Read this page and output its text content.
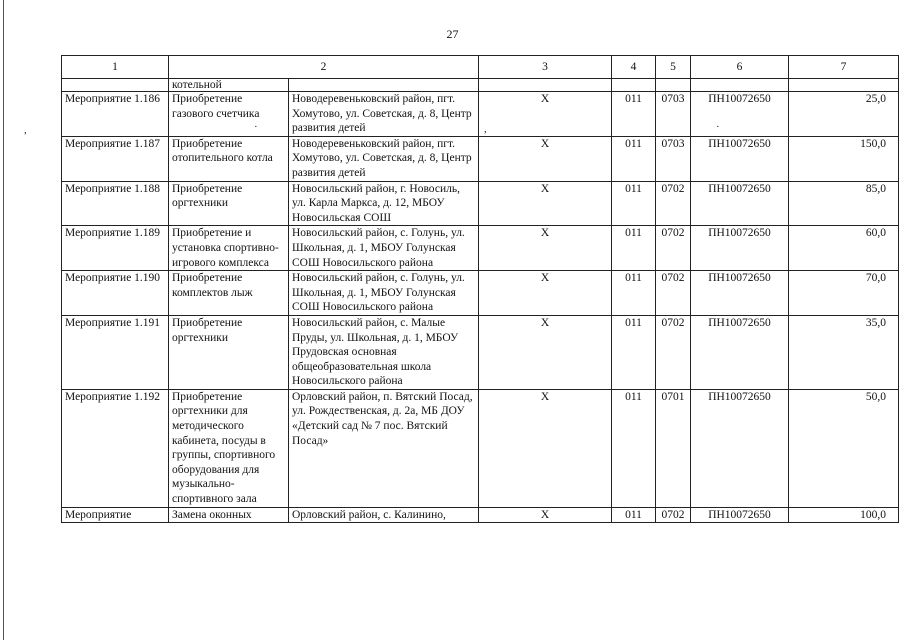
27
,	·	,	·
1	2		3	4	5	6	7
	котельной						
Мероприятие 1.186	Приобретение газового счетчика	Новодеревеньковский район, пгт. Хомутово, ул. Советская, д. 8, Центр развития детей	Х	011	0703	ПН10072650	25,0
Мероприятие 1.187	Приобретение отопительного котла	Новодеревеньковский район, пгт. Хомутово, ул. Советская, д. 8, Центр развития детей	Х	011	0703	ПН10072650	150,0
Мероприятие 1.188	Приобретение оргтехники	Новосильский район, г. Новосиль, ул. Карла Маркса, д. 12, МБОУ Новосильская СОШ	Х	011	0702	ПН10072650	85,0
Мероприятие 1.189	Приобретение и установка спортивно-игрового комплекса	Новосильский район, с. Голунь, ул. Школьная, д. 1, МБОУ Голунская СОШ Новосильского района	Х	011	0702	ПН10072650	60,0
Мероприятие 1.190	Приобретение комплектов лыж	Новосильский район, с. Голунь, ул. Школьная, д. 1, МБОУ Голунская СОШ Новосильского района	Х	011	0702	ПН10072650	70,0
Мероприятие 1.191	Приобретение оргтехники	Новосильский район, с. Малые Пруды, ул. Школьная, д. 1, МБОУ Прудовская основная общеобразовательная школа Новосильского района	Х	011	0702	ПН10072650	35,0
Мероприятие 1.192	Приобретение оргтехники для методического кабинета, посуды в группы, спортивного оборудования для музыкально-спортивного зала	Орловский район, п. Вятский Посад, ул. Рождественская, д. 2а, МБ ДОУ «Детский сад № 7 пос. Вятский Посад»	Х	011	0701	ПН10072650	50,0
Мероприятие	Замена оконных	Орловский район, с. Калинино,	Х	011	0702	ПН10072650	100,0
